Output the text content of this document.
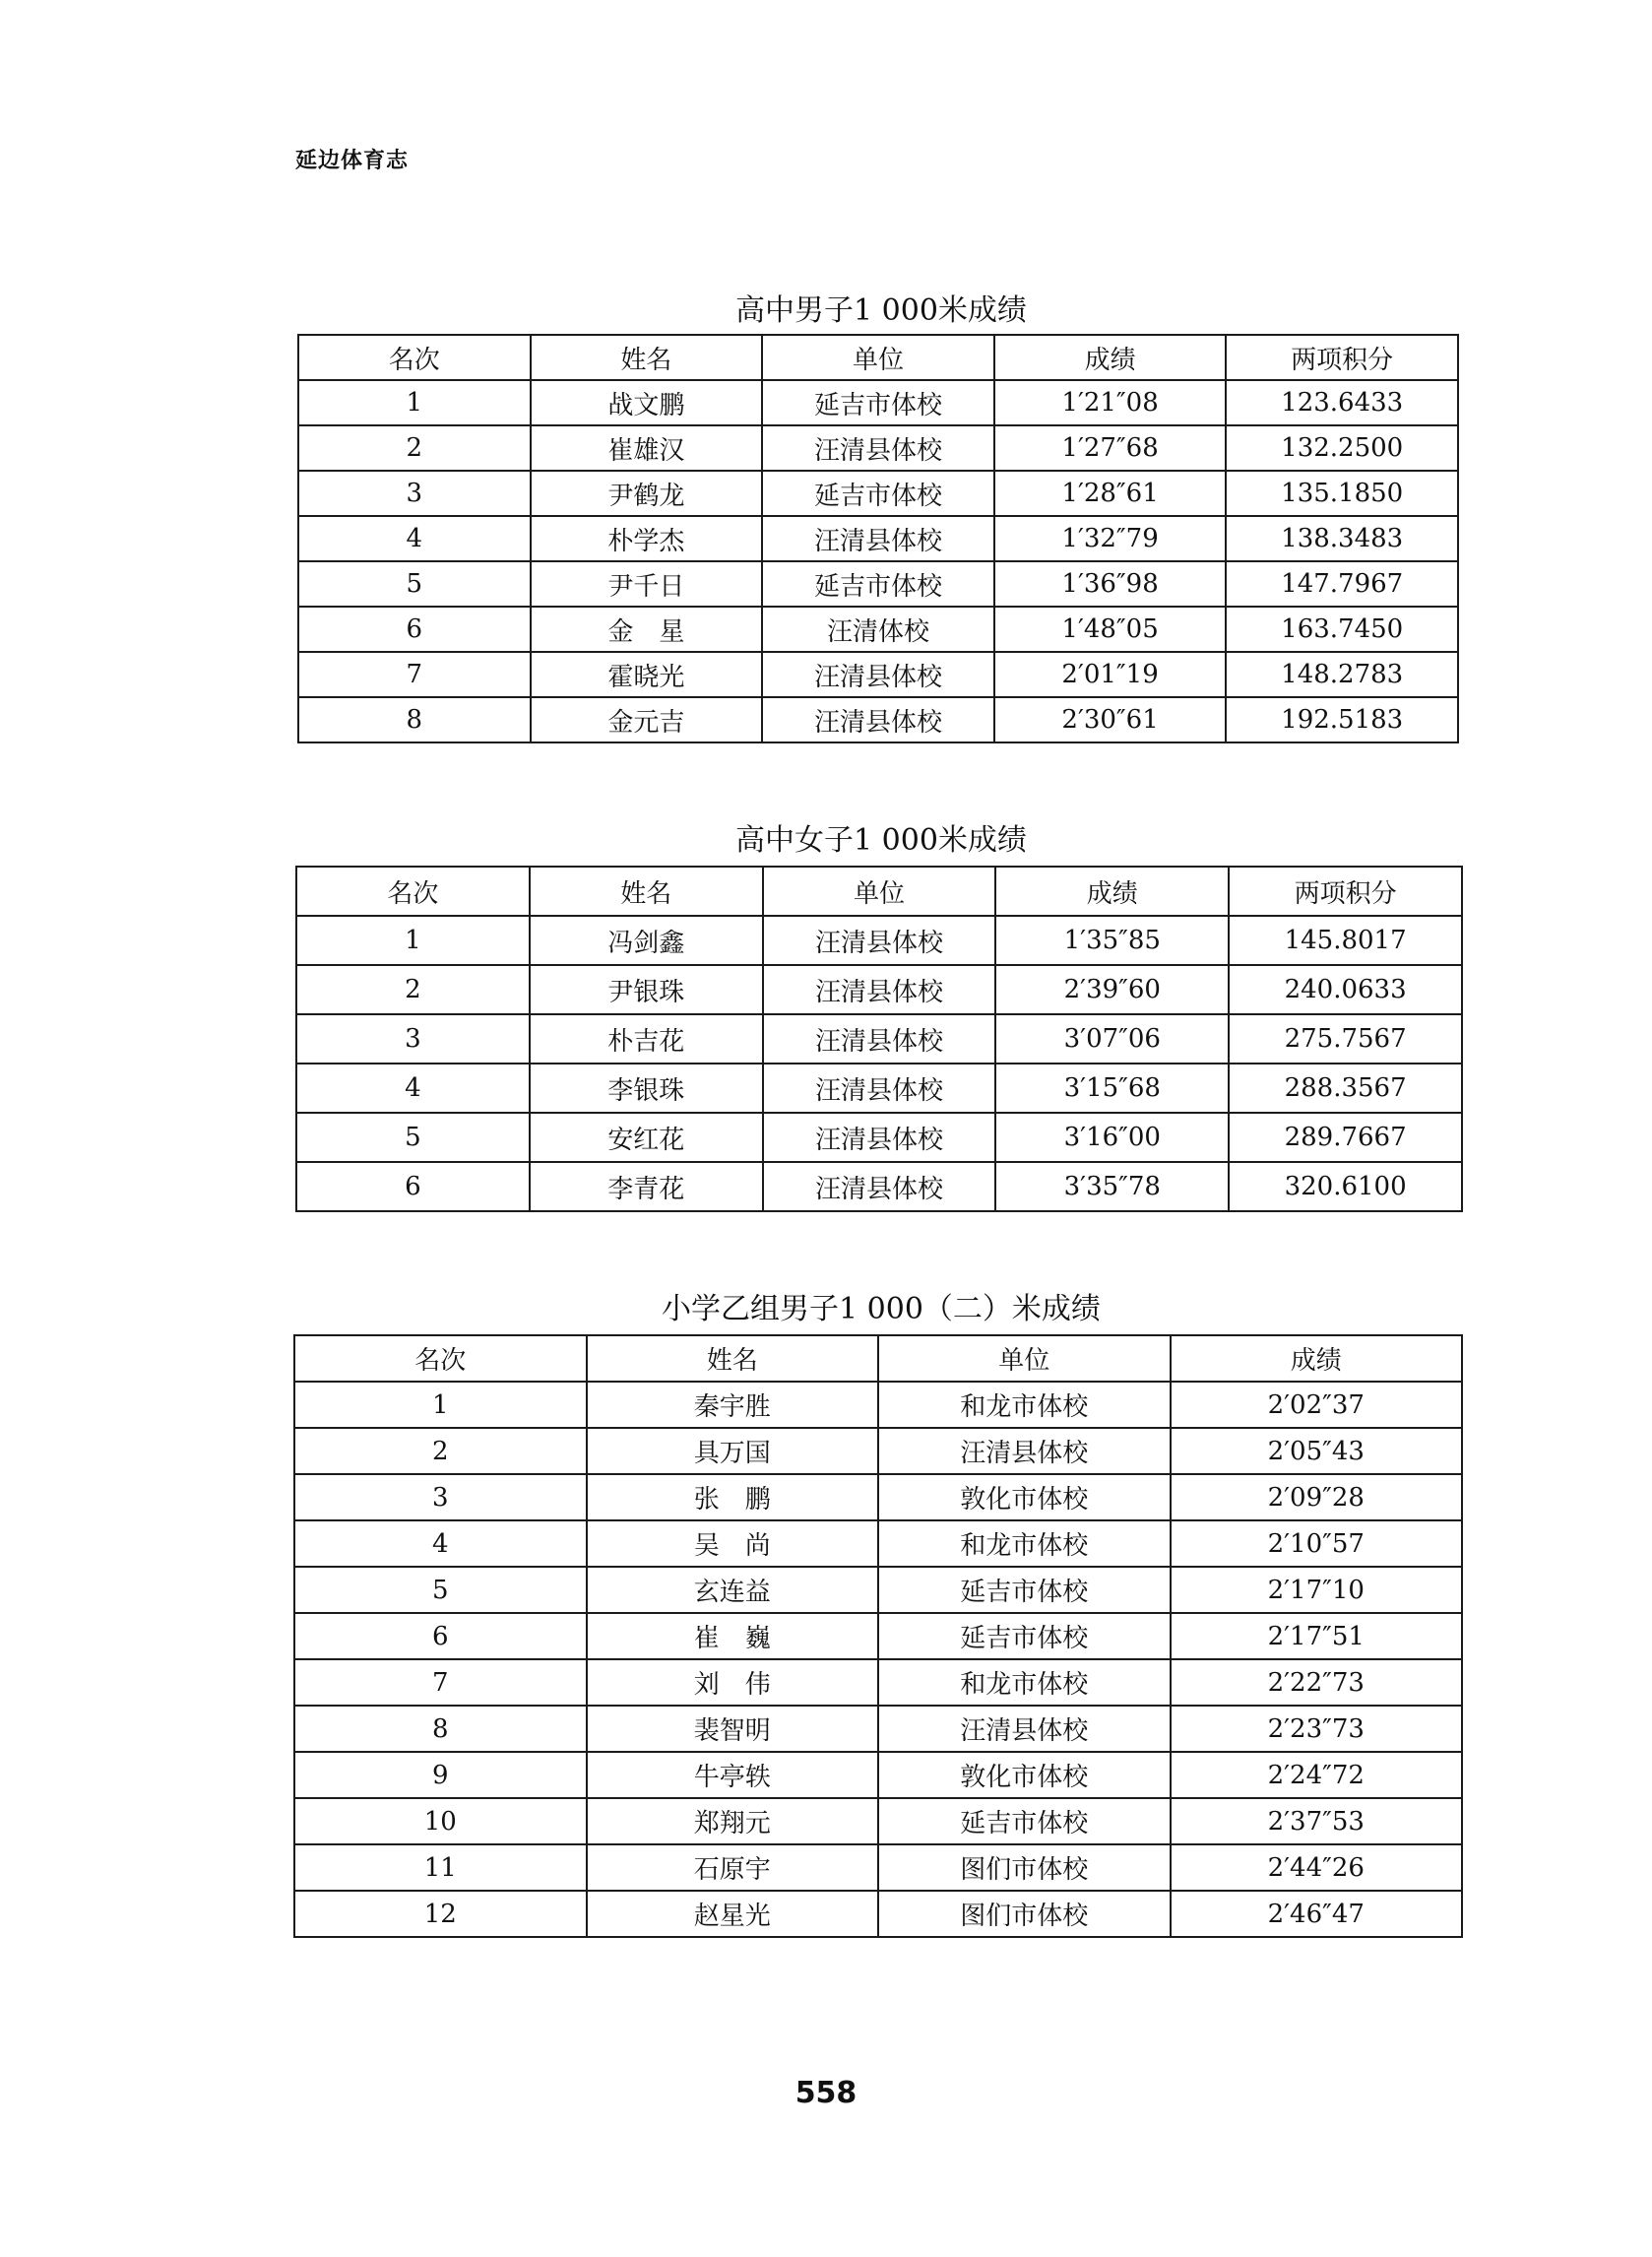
延边体育志
高中男子1 000米成绩
名次	姓名	单位	成绩	两项积分
1	战文鹏	延吉市体校	1′21″08	123.6433
2	崔雄汉	汪清县体校	1′27″68	132.2500
3	尹鹤龙	延吉市体校	1′28″61	135.1850
4	朴学杰	汪清县体校	1′32″79	138.3483
5	尹千日	延吉市体校	1′36″98	147.7967
6	金　星	汪清体校	1′48″05	163.7450
7	霍晓光	汪清县体校	2′01″19	148.2783
8	金元吉	汪清县体校	2′30″61	192.5183
高中女子1 000米成绩
名次	姓名	单位	成绩	两项积分
1	冯剑鑫	汪清县体校	1′35″85	145.8017
2	尹银珠	汪清县体校	2′39″60	240.0633
3	朴吉花	汪清县体校	3′07″06	275.7567
4	李银珠	汪清县体校	3′15″68	288.3567
5	安红花	汪清县体校	3′16″00	289.7667
6	李青花	汪清县体校	3′35″78	320.6100
小学乙组男子1 000（二）米成绩
名次	姓名	单位	成绩
1	秦宇胜	和龙市体校	2′02″37
2	具万国	汪清县体校	2′05″43
3	张　鹏	敦化市体校	2′09″28
4	吴　尚	和龙市体校	2′10″57
5	玄连益	延吉市体校	2′17″10
6	崔　巍	延吉市体校	2′17″51
7	刘　伟	和龙市体校	2′22″73
8	裴智明	汪清县体校	2′23″73
9	牛亭轶	敦化市体校	2′24″72
10	郑翔元	延吉市体校	2′37″53
11	石原宇	图们市体校	2′44″26
12	赵星光	图们市体校	2′46″47
558
